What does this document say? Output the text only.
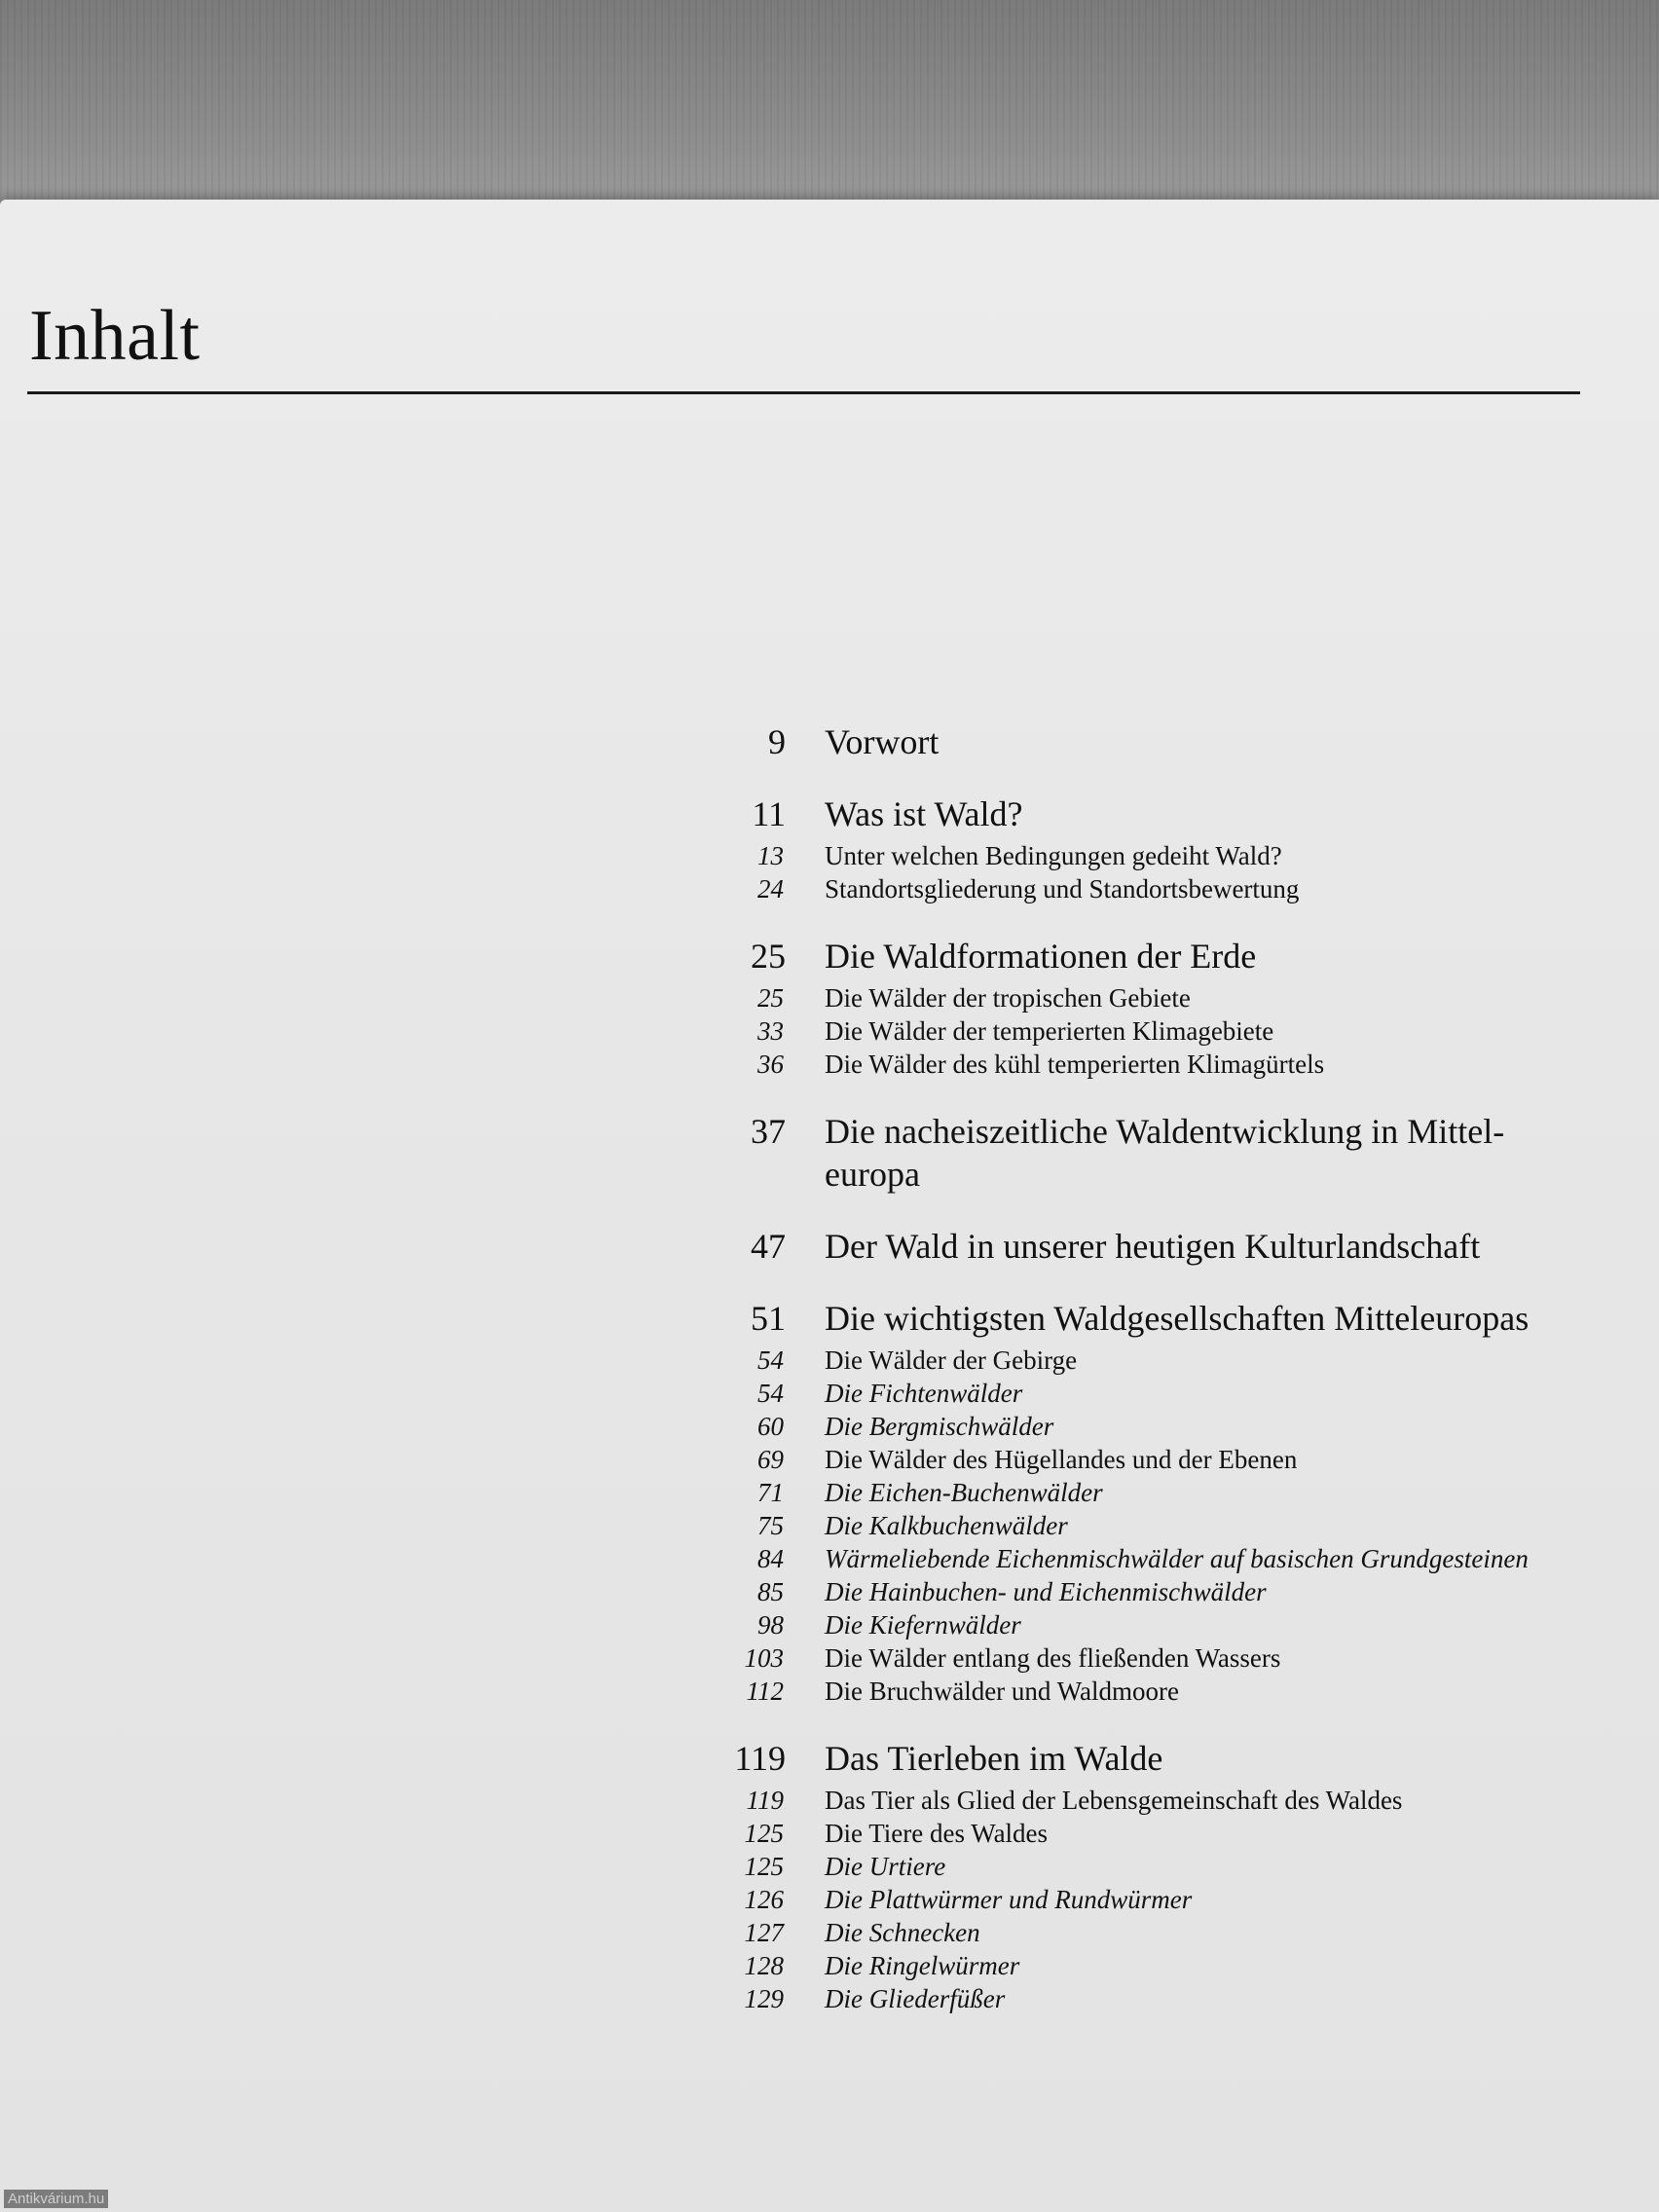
Inhalt
9 Vorwort
11 Was ist Wald?
13 Unter welchen Bedingungen gedeiht Wald?
24 Standortsgliederung und Standortsbewertung
25 Die Waldformationen der Erde
25 Die Wälder der tropischen Gebiete
33 Die Wälder der temperierten Klimagebiete
36 Die Wälder des kühl temperierten Klimagürtels
37 Die nacheiszeitliche Waldentwicklung in Mittel-europa
47 Der Wald in unserer heutigen Kulturlandschaft
51 Die wichtigsten Waldgesellschaften Mitteleuropas
54 Die Wälder der Gebirge
54 Die Fichtenwälder
60 Die Bergmischwälder
69 Die Wälder des Hügellandes und der Ebenen
71 Die Eichen-Buchenwälder
75 Die Kalkbuchenwälder
84 Wärmeliebende Eichenmischwälder auf basischen Grundgesteinen
85 Die Hainbuchen- und Eichenmischwälder
98 Die Kiefernwälder
103 Die Wälder entlang des fließenden Wassers
112 Die Bruchwälder und Waldmoore
119 Das Tierleben im Walde
119 Das Tier als Glied der Lebensgemeinschaft des Waldes
125 Die Tiere des Waldes
125 Die Urtiere
126 Die Plattwürmer und Rundwürmer
127 Die Schnecken
128 Die Ringelwürmer
129 Die Gliederfüßer
Antikvárium.hu
